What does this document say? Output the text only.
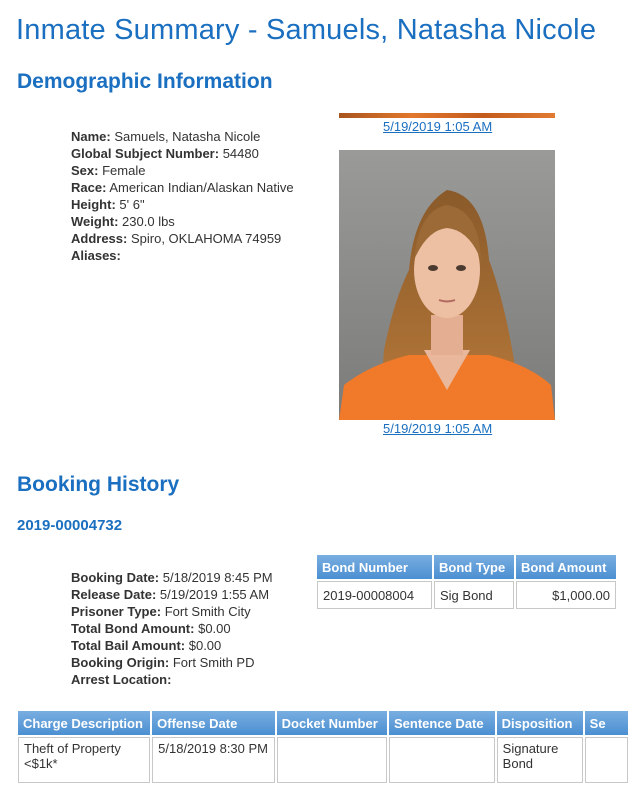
Inmate Summary - Samuels, Natasha Nicole
Demographic Information
Name: Samuels, Natasha Nicole
Global Subject Number: 54480
Sex: Female
Race: American Indian/Alaskan Native
Height: 5' 6"
Weight: 230.0 lbs
Address: Spiro, OKLAHOMA 74959
Aliases:
5/19/2019 1:05 AM
5/19/2019 1:05 AM
Booking History
2019-00004732
Booking Date: 5/18/2019 8:45 PM
Release Date: 5/19/2019 1:55 AM
Prisoner Type: Fort Smith City
Total Bond Amount: $0.00
Total Bail Amount: $0.00
Booking Origin: Fort Smith PD
Arrest Location:
Bond Number	Bond Type	Bond Amount
2019-00008004	Sig Bond	$1,000.00
Charge Description	Offense Date	Docket Number	Sentence Date	Disposition	Se
Theft of Property <$1k*	5/18/2019 8:30 PM			Signature Bond	
